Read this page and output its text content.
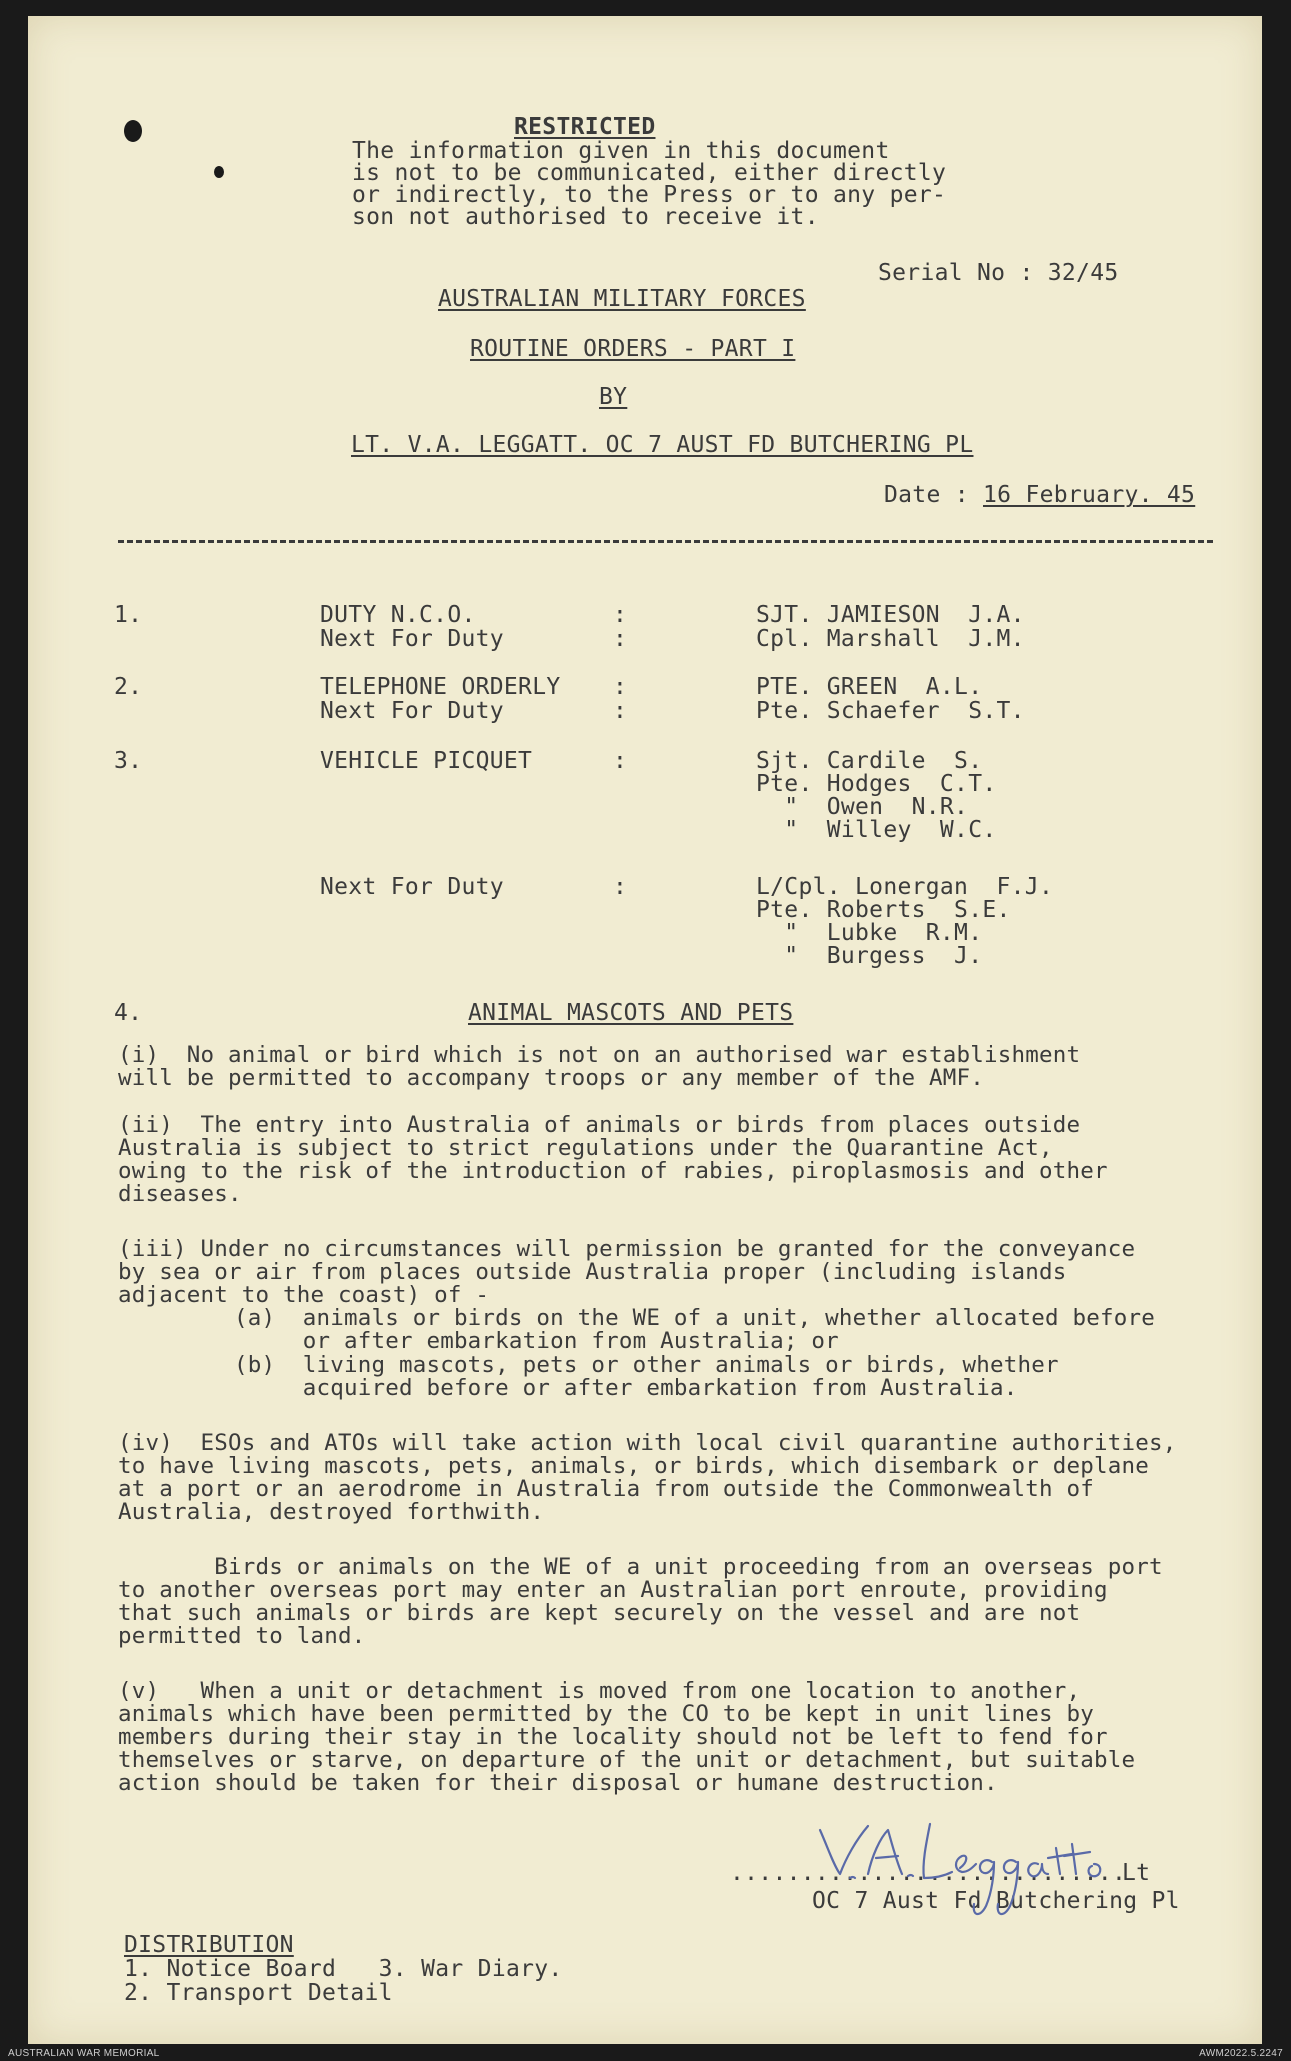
RESTRICTED
The information given in this document
is not to be communicated, either directly
or indirectly, to the Press or to any per-
son not authorised to receive it.
Serial No : 32/45
AUSTRALIAN MILITARY FORCES
ROUTINE ORDERS - PART I
BY
LT. V.A. LEGGATT. OC 7 AUST FD BUTCHERING PL
Date : 16 February. 45
1.	DUTY N.C.O.	:	SJT. JAMIESON  J.A.
Next For Duty	:	Cpl. Marshall  J.M.
2.	TELEPHONE ORDERLY :	PTE. GREEN  A.L.
Next For Duty	:	Pte. Schaefer  S.T.
3.	VEHICLE PICQUET	:	Sjt. Cardile  S.
Pte. Hodges  C.T.
"  Owen  N.R.
"  Willey  W.C.
Next For Duty	:	L/Cpl. Lonergan  F.J.
Pte. Roberts  S.E.
"  Lubke  R.M.
"  Burgess  J.
4.	ANIMAL MASCOTS AND PETS
(i)  No animal or bird which is not on an authorised war establishment
will be permitted to accompany troops or any member of the AMF.
(ii)  The entry into Australia of animals or birds from places outside
Australia is subject to strict regulations under the Quarantine Act,
owing to the risk of the introduction of rabies, piroplasmosis and other
diseases.
(iii) Under no circumstances will permission be granted for the conveyance
by sea or air from places outside Australia proper (including islands
adjacent to the coast) of -
(a)  animals or birds on the WE of a unit, whether allocated before
or after embarkation from Australia; or
(b)  living mascots, pets or other animals or birds, whether
acquired before or after embarkation from Australia.
(iv)  ESOs and ATOs will take action with local civil quarantine authorities,
to have living mascots, pets, animals, or birds, which disembark or deplane
at a port or an aerodrome in Australia from outside the Commonwealth of
Australia, destroyed forthwith.
Birds or animals on the WE of a unit proceeding from an overseas port
to another overseas port may enter an Australian port enroute, providing
that such animals or birds are kept securely on the vessel and are not
permitted to land.
(v)   When a unit or detachment is moved from one location to another,
animals which have been permitted by the CO to be kept in unit lines by
members during their stay in the locality should not be left to fend for
themselves or starve, on departure of the unit or detachment, but suitable
action should be taken for their disposal or humane destruction.
............................
Lt
OC 7 Aust Fd Butchering Pl
DISTRIBUTION
1. Notice Board   3. War Diary.
2. Transport Detail
AUSTRALIAN WAR MEMORIAL	AWM2022.5.2247
